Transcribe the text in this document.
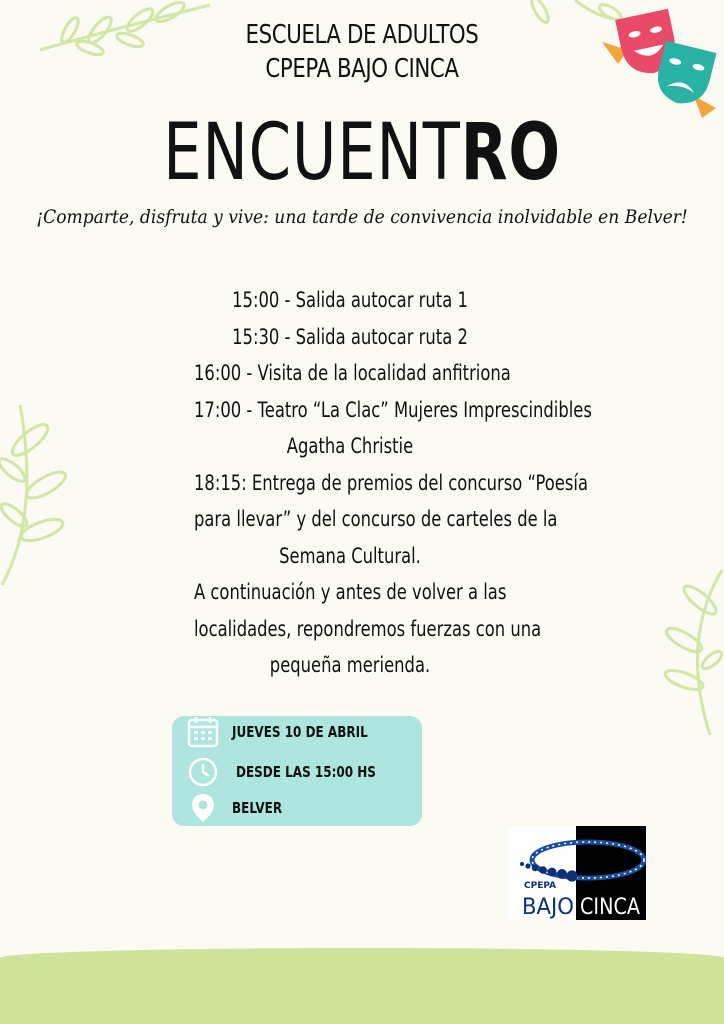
ESCUELA DE ADULTOS
CPEPA BAJO CINCA
ENCUENTRO
¡Comparte, disfruta y vive: una tarde de convivencia inolvidable en Belver!
15:00 - Salida autocar ruta 1
15:30 - Salida autocar ruta 2
16:00 - Visita de la localidad anfitriona
17:00 - Teatro “La Clac” Mujeres Imprescindibles
Agatha Christie
18:15: Entrega de premios del concurso “Poesía
para llevar” y del concurso de carteles de la
Semana Cultural.
A continuación y antes de volver a las
localidades, repondremos fuerzas con una
pequeña merienda.
JUEVES 10 DE ABRIL
DESDE LAS 15:00 HS
BELVER
CPEPA
BAJO CINCA
